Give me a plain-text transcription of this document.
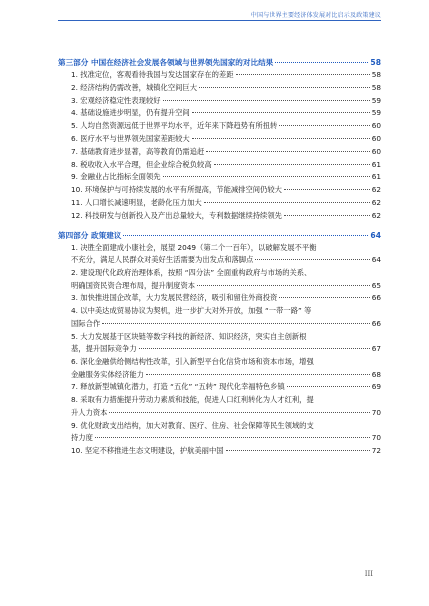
中国与世界主要经济体发展对比启示及政策建议
第三部分 中国在经济社会发展各领域与世界领先国家的对比结果	58
1. 找准定位，客观看待我国与发达国家存在的差距	58
2. 经济结构仍需改善，城镇化空间巨大	58
3. 宏观经济稳定性表现较好	59
4. 基础设施进步明显，仍有提升空间	59
5. 人均自然资源远低于世界平均水平，近年来下降趋势有所扭转	60
6. 医疗水平与世界领先国家差距较大	60
7. 基础教育进步显著，高等教育仍需追赶	60
8. 税收收入水平合理，但企业综合税负较高	61
9. 金融业占比指标全面领先	61
10. 环境保护与可持续发展的水平有所提高，节能减排空间仍较大	62
11. 人口增长减速明显，老龄化压力加大	62
12. 科技研发与创新投入及产出总量较大，专利数据继续持续领先	62
第四部分 政策建议	64
1. 决胜全面建成小康社会，展望 2049（第二个一百年），以破解发展不平衡
不充分，满足人民群众对美好生活需要为出发点和落脚点	64
2. 建设现代化政府治理体系，按照 “四分法” 全面重构政府与市场的关系、
明确国资民资合理布局，提升制度资本	65
3. 加快推进国企改革，大力发展民营经济，吸引和留住外商投资	66
4. 以中美达成贸易协议为契机，进一步扩大对外开放，加强 “一带一路” 等
国际合作	66
5. 大力发展基于区块链等数字科技的新经济、知识经济，突实自主创新根
基，提升国际竞争力	67
6. 深化金融供给侧结构性改革，引入新型平台化信贷市场和资本市场，增强
金融服务实体经济能力	68
7. 释放新型城镇化潜力，打造 “五化” “五转” 现代化幸福特色乡镇	69
8. 采取有力措施提升劳动力素质和技能，促进人口红利转化为人才红利，提
升人力资本	70
9. 优化财政支出结构，加大对教育、医疗、住房、社会保障等民生领域的支
持力度	70
10. 坚定不移推进生态文明建设，护航美丽中国	72
III
